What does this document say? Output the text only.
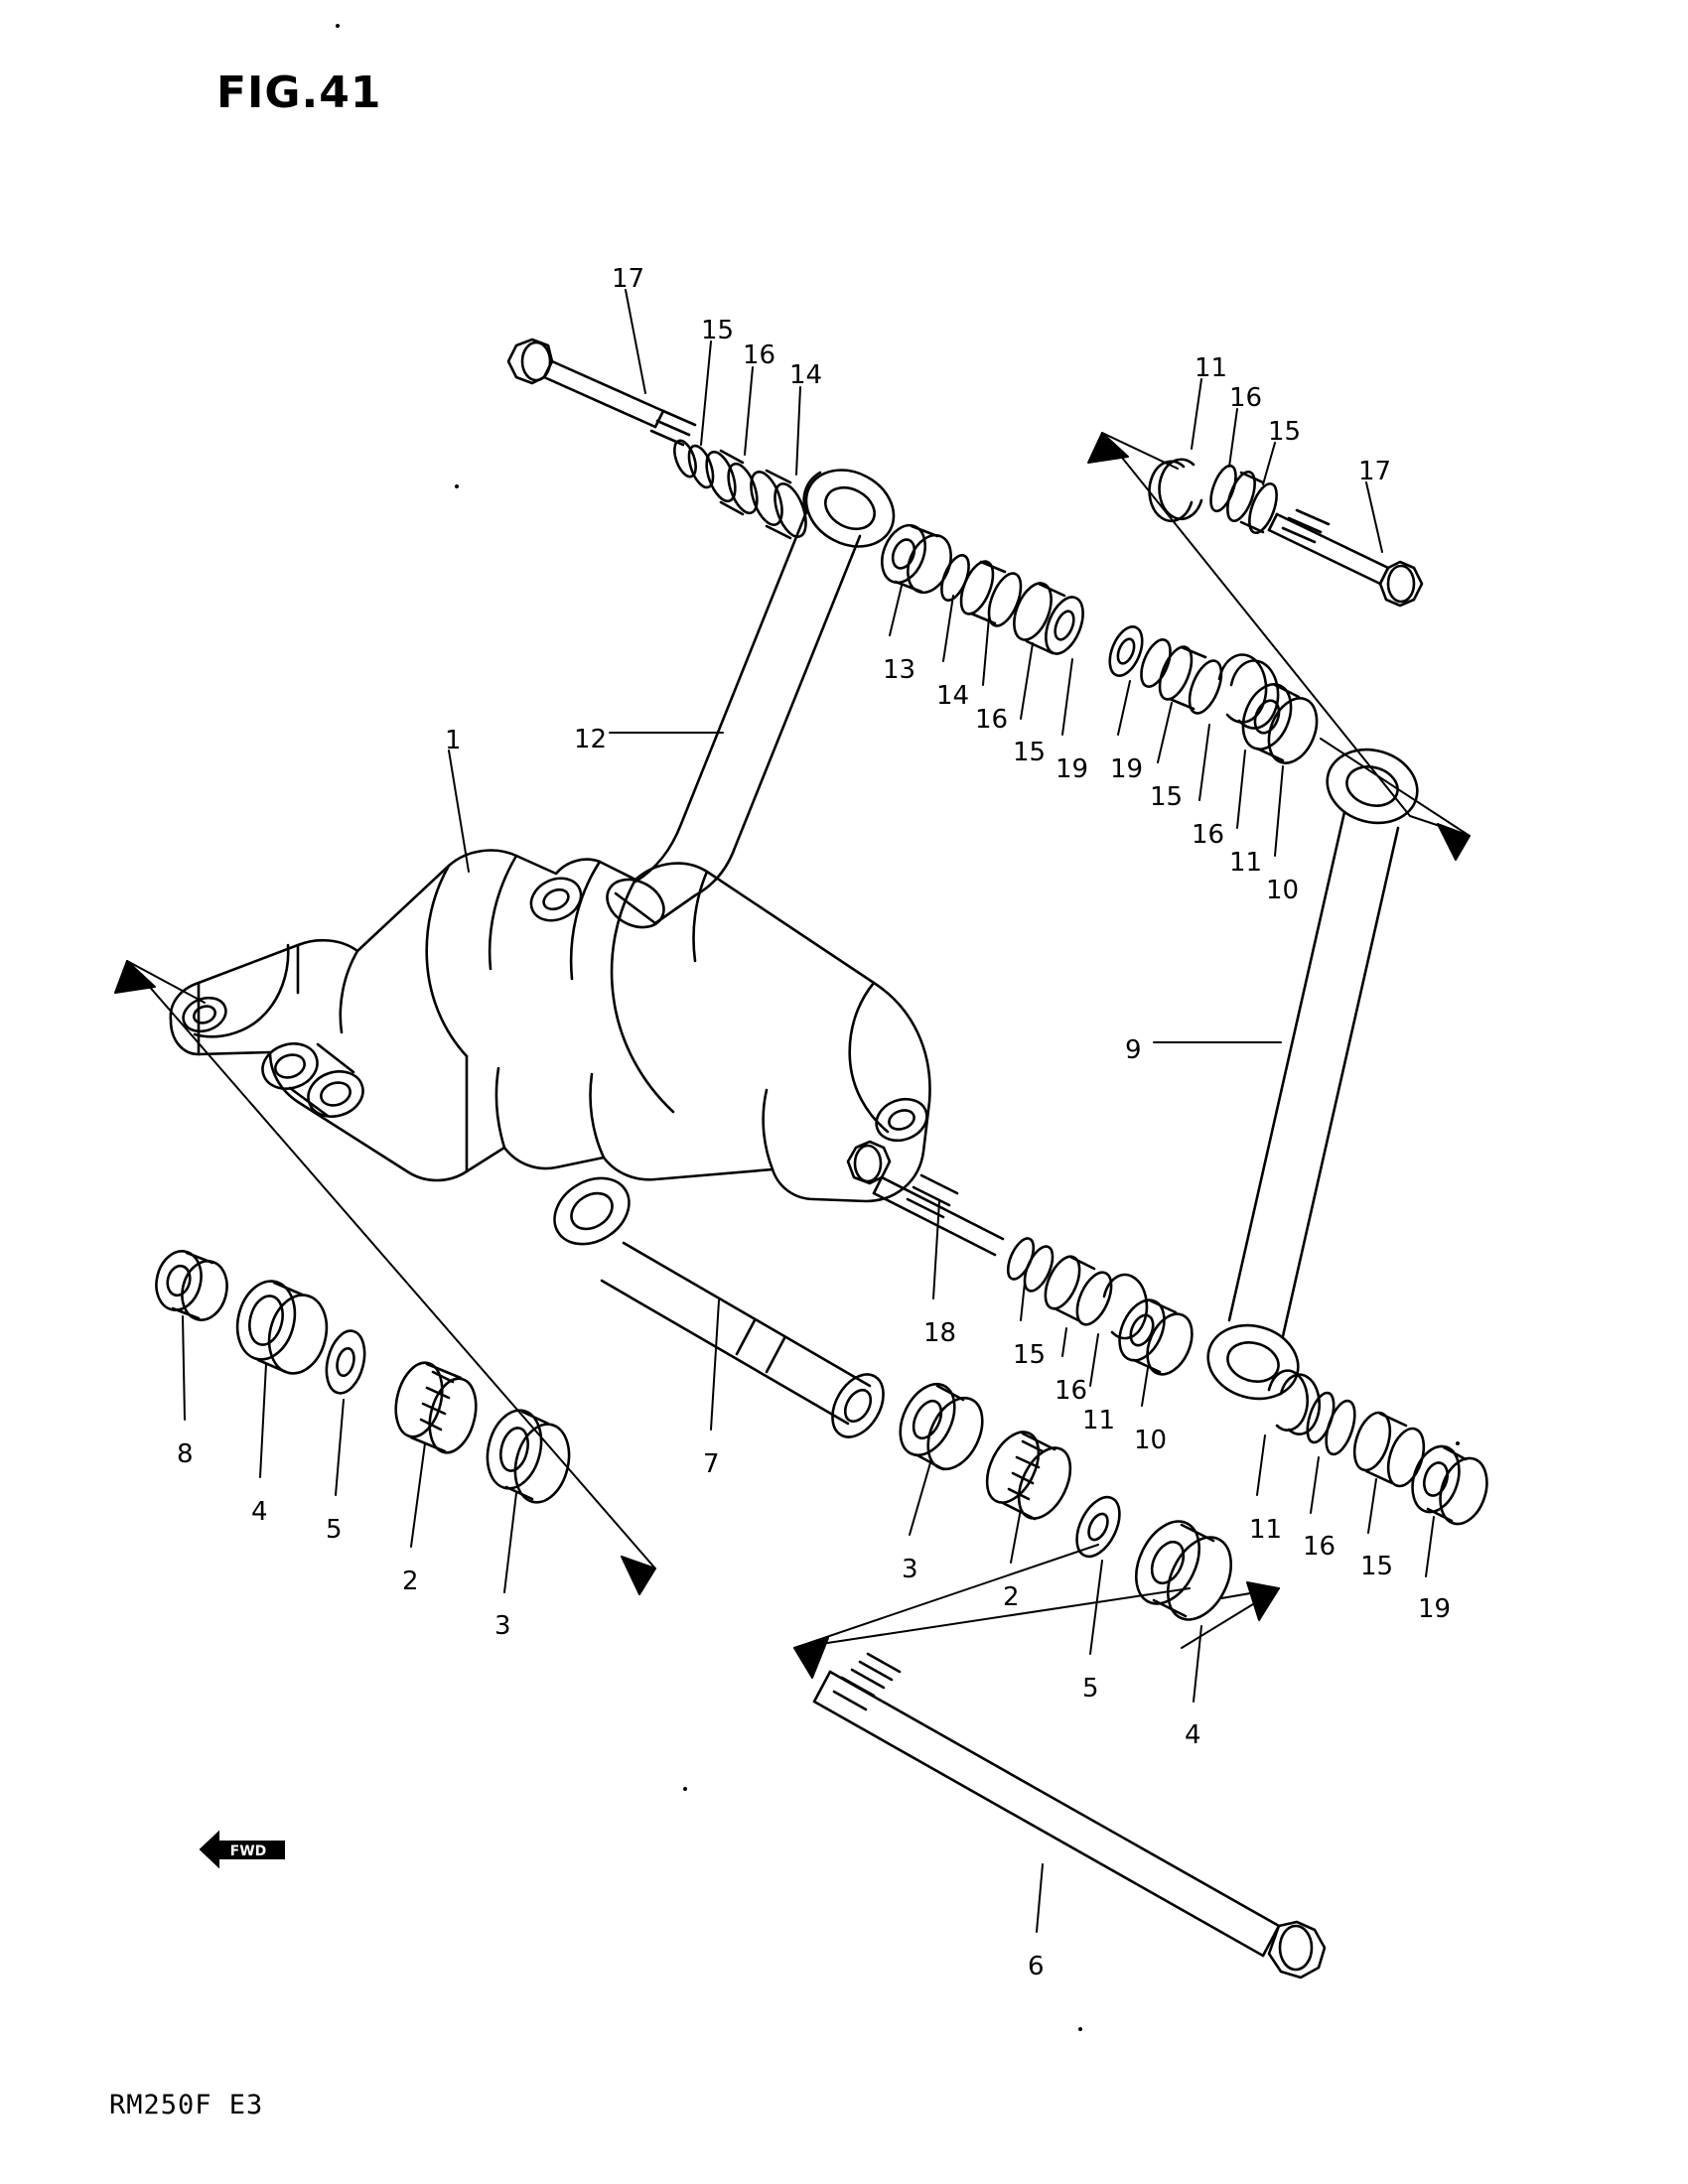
FIG.41
FWD
17
15
16
14	11
16
15
17
13
14
16
15
19 19
15
16
11
10
1	12
9
8
4
5
2
3
7
18
15
16
11
10
3
2
5
4
11
16
15
19
6
RM250F E3
